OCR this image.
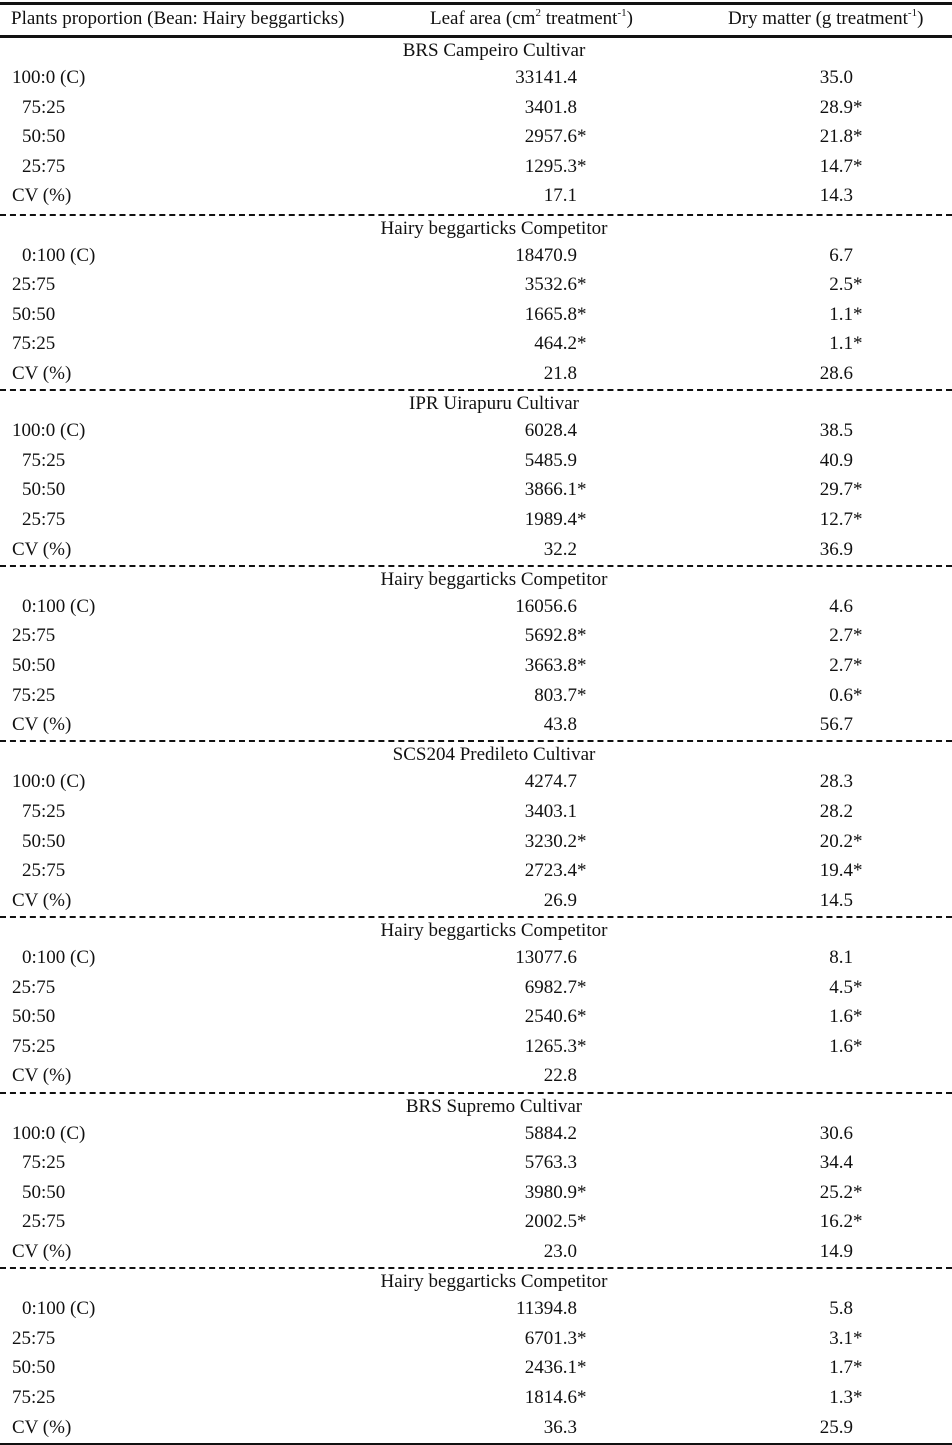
Plants proportion (Bean: Hairy beggarticks)	Leaf area ($cm^2$ treatment$^{-1}$)	Dry matter (g treatment$^{-1}$)
BRS Campeiro Cultivar
100:0 (C)	33141.4	35.0
75:25	3401.8	28.9 *
50:50	2957.6 *	21.8 *
25:75	1295.3 *	14.7 *
CV (%)	17.1	14.3
Hairy beggarticks Competitor
0:100 (C)	18470.9	6.7
25:75	3532.6 *	2.5 *
50:50	1665.8 *	1.1 *
75:25	464.2 *	1.1 *
CV (%)	21.8	28.6
IPR Uirapuru Cultivar
100:0 (C)	6028.4	38.5
75:25	5485.9	40.9
50:50	3866.1 *	29.7 *
25:75	1989.4 *	12.7 *
CV (%)	32.2	36.9
Hairy beggarticks Competitor
0:100 (C)	16056.6	4.6
25:75	5692.8 *	2.7 *
50:50	3663.8 *	2.7 *
75:25	803.7 *	0.6 *
CV (%)	43.8	56.7
SCS204 Predileto Cultivar
100:0 (C)	4274.7	28.3
75:25	3403.1	28.2
50:50	3230.2 *	20.2 *
25:75	2723.4 *	19.4 *
CV (%)	26.9	14.5
Hairy beggarticks Competitor
0:100 (C)	13077.6	8.1
25:75	6982.7 *	4.5 *
50:50	2540.6 *	1.6 *
75:25	1265.3 *	1.6 *
CV (%)	22.8
BRS Supremo Cultivar
100:0 (C)	5884.2	30.6
75:25	5763.3	34.4
50:50	3980.9 *	25.2 *
25:75	2002.5 *	16.2 *
CV (%)	23.0	14.9
Hairy beggarticks Competitor
0:100 (C)	11394.8	5.8
25:75	6701.3 *	3.1 *
50:50	2436.1 *	1.7 *
75:25	1814.6 *	1.3 *
CV (%)	36.3	25.9
